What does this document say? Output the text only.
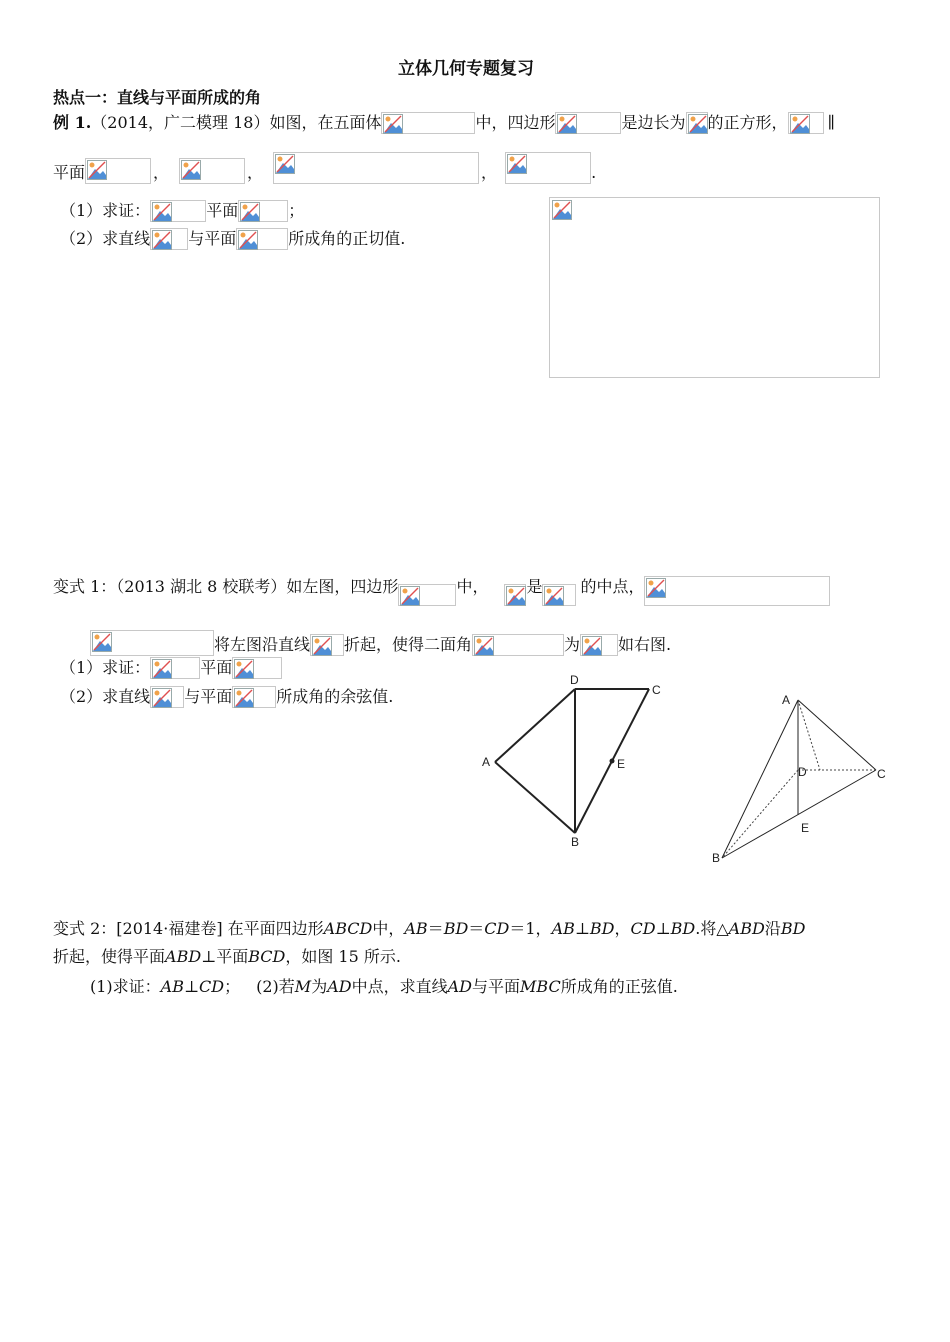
立体几何专题复习
热点一：直线与平面所成的角
例 1.（2014，广二模理 18）如图，在五面体	中，四边形	是边长为 的正方形，	∥
平面	，	，	，	.
（1）求证：	平面	；
（2）求直线 与平面	所成角的正切值.
变式 1：（2013 湖北 8 校联考）如左图，四边形	中， 是 的中点，
将左图沿直线 折起，使得二面角	为 如右图.
（1）求证：	平面
（2）求直线 与平面	所成角的余弦值.
A
D
C
E
B
A
D	C
E
B
变式 2：[2014·福建卷] 在平面四边形ABCD中，AB＝BD＝CD＝1，AB⊥BD，CD⊥BD.将△ABD沿BD
折起，使得平面ABD⊥平面BCD，如图 15 所示.
(1)求证：AB⊥CD； (2)若M为AD中点，求直线AD与平面MBC所成角的正弦值.
